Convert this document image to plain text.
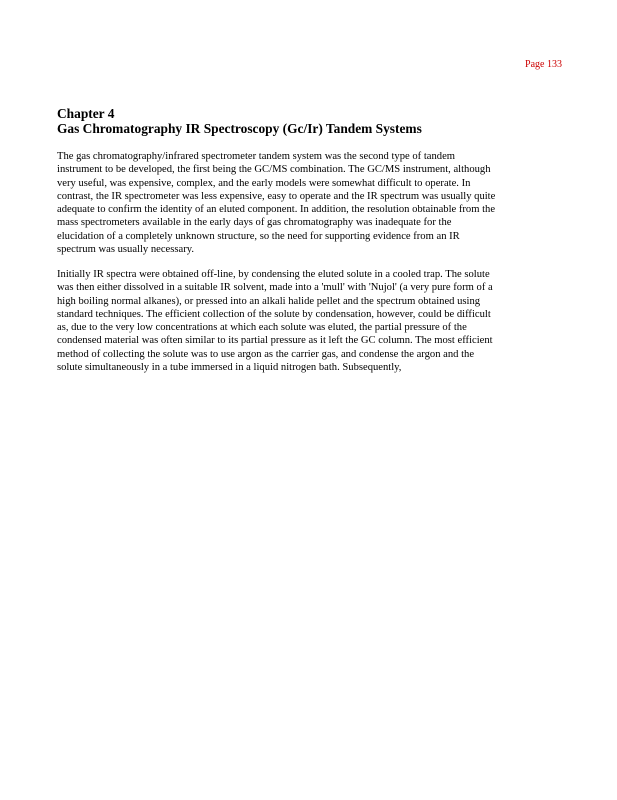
Page 133
Chapter 4
Gas Chromatography IR Spectroscopy (Gc/Ir) Tandem Systems
The gas chromatography/infrared spectrometer tandem system was the second type of tandem
instrument to be developed, the first being the GC/MS combination. The GC/MS instrument, although
very useful, was expensive, complex, and the early models were somewhat difficult to operate. In
contrast, the IR spectrometer was less expensive, easy to operate and the IR spectrum was usually quite
adequate to confirm the identity of an eluted component. In addition, the resolution obtainable from the
mass spectrometers available in the early days of gas chromatography was inadequate for the
elucidation of a completely unknown structure, so the need for supporting evidence from an IR
spectrum was usually necessary.
Initially IR spectra were obtained off-line, by condensing the eluted solute in a cooled trap. The solute
was then either dissolved in a suitable IR solvent, made into a 'mull' with 'Nujol' (a very pure form of a
high boiling normal alkanes), or pressed into an alkali halide pellet and the spectrum obtained using
standard techniques. The efficient collection of the solute by condensation, however, could be difficult
as, due to the very low concentrations at which each solute was eluted, the partial pressure of the
condensed material was often similar to its partial pressure as it left the GC column. The most efficient
method of collecting the solute was to use argon as the carrier gas, and condense the argon and the
solute simultaneously in a tube immersed in a liquid nitrogen bath. Subsequently,
